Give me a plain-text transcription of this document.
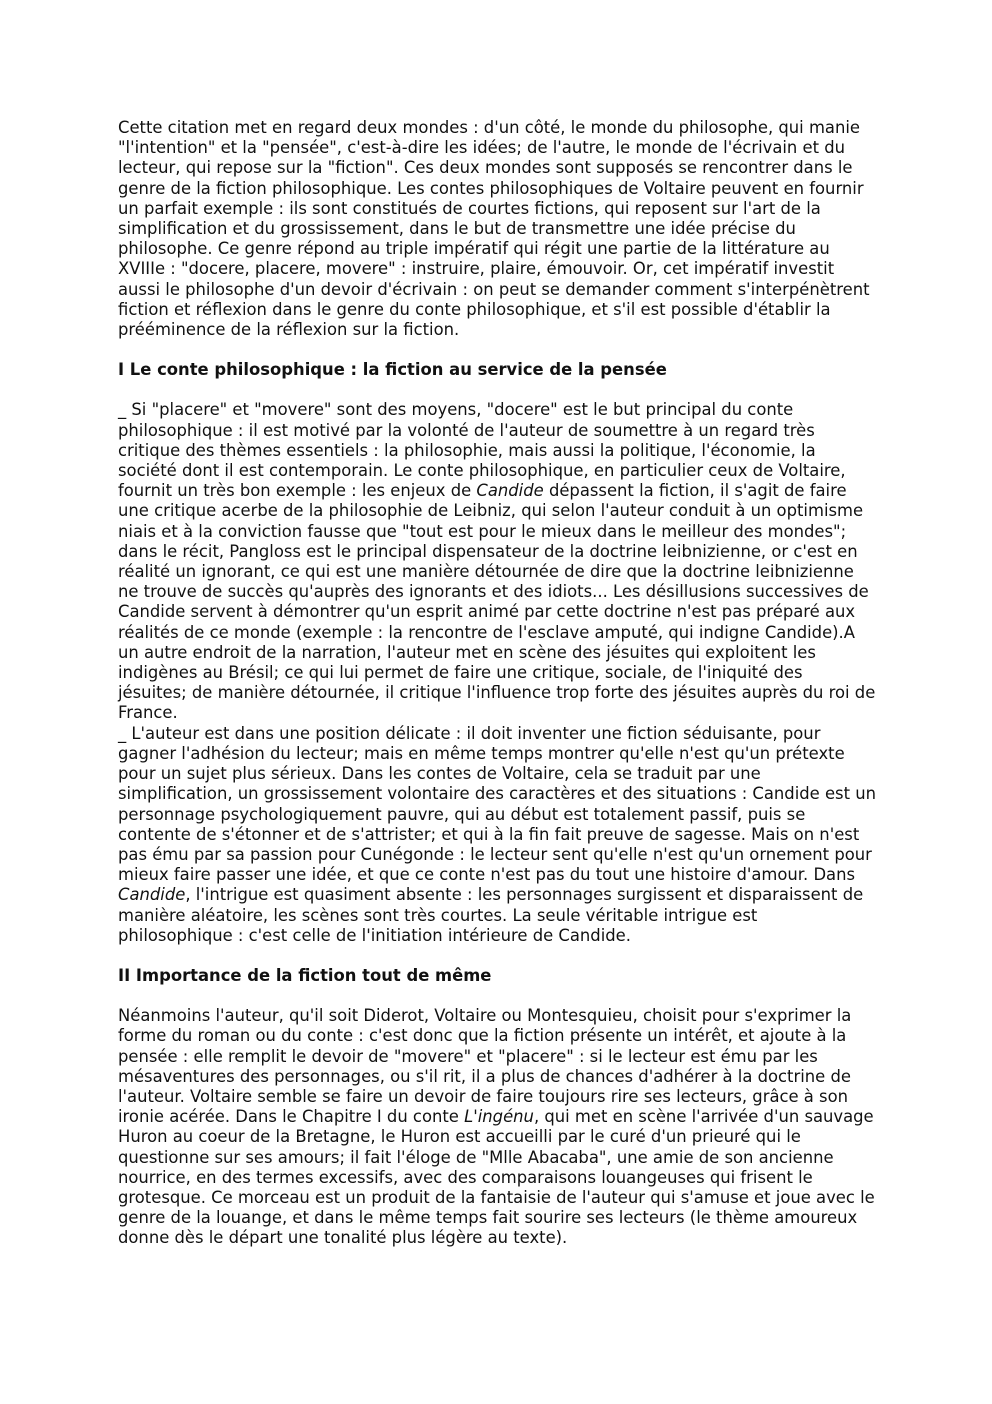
Cette citation met en regard deux mondes : d'un côté, le monde du philosophe, qui manie "l'intention" et la "pensée", c'est-à-dire les idées; de l'autre, le monde de l'écrivain et du lecteur, qui repose sur la "fiction". Ces deux mondes sont supposés se rencontrer dans le genre de la fiction philosophique. Les contes philosophiques de Voltaire peuvent en fournir un parfait exemple : ils sont constitués de courtes fictions, qui reposent sur l'art de la simplification et du grossissement, dans le but de transmettre une idée précise du philosophe. Ce genre répond au triple impératif qui régit une partie de la littérature au XVIIIe : "docere, placere, movere" : instruire, plaire, émouvoir. Or, cet impératif investit aussi le philosophe d'un devoir d'écrivain : on peut se demander comment s'interpénètrent fiction et réflexion dans le genre du conte philosophique, et s'il est possible d'établir la prééminence de la réflexion sur la fiction.

I Le conte philosophique : la fiction au service de la pensée

_ Si "placere" et "movere" sont des moyens, "docere" est le but principal du conte philosophique : il est motivé par la volonté de l'auteur de soumettre à un regard très critique des thèmes essentiels : la philosophie, mais aussi la politique, l'économie, la société dont il est contemporain. Le conte philosophique, en particulier ceux de Voltaire, fournit un très bon exemple : les enjeux de Candide dépassent la fiction, il s'agit de faire une critique acerbe de la philosophie de Leibniz, qui selon l'auteur conduit à un optimisme niais et à la conviction fausse que "tout est pour le mieux dans le meilleur des mondes"; dans le récit, Pangloss est le principal dispensateur de la doctrine leibnizienne, or c'est en réalité un ignorant, ce qui est une manière détournée de dire que la doctrine leibnizienne ne trouve de succès qu'auprès des ignorants et des idiots... Les désillusions successives de Candide servent à démontrer qu'un esprit animé par cette doctrine n'est pas préparé aux réalités de ce monde (exemple : la rencontre de l'esclave amputé, qui indigne Candide).A un autre endroit de la narration, l'auteur met en scène des jésuites qui exploitent les indigènes au Brésil; ce qui lui permet de faire une critique, sociale, de l'iniquité des jésuites; de manière détournée, il critique l'influence trop forte des jésuites auprès du roi de France.

_ L'auteur est dans une position délicate : il doit inventer une fiction séduisante, pour gagner l'adhésion du lecteur; mais en même temps montrer qu'elle n'est qu'un prétexte pour un sujet plus sérieux. Dans les contes de Voltaire, cela se traduit par une simplification, un grossissement volontaire des caractères et des situations : Candide est un personnage psychologiquement pauvre, qui au début est totalement passif, puis se contente de s'étonner et de s'attrister; et qui à la fin fait preuve de sagesse. Mais on n'est pas ému par sa passion pour Cunégonde : le lecteur sent qu'elle n'est qu'un ornement pour mieux faire passer une idée, et que ce conte n'est pas du tout une histoire d'amour. Dans Candide, l'intrigue est quasiment absente : les personnages surgissent et disparaissent de manière aléatoire, les scènes sont très courtes. La seule véritable intrigue est philosophique : c'est celle de l'initiation intérieure de Candide.

II Importance de la fiction tout de même

Néanmoins l'auteur, qu'il soit Diderot, Voltaire ou Montesquieu, choisit pour s'exprimer la forme du roman ou du conte : c'est donc que la fiction présente un intérêt, et ajoute à la pensée : elle remplit le devoir de "movere" et "placere" : si le lecteur est ému par les mésaventures des personnages, ou s'il rit, il a plus de chances d'adhérer à la doctrine de l'auteur. Voltaire semble se faire un devoir de faire toujours rire ses lecteurs, grâce à son ironie acérée. Dans le Chapitre I du conte L'ingénu, qui met en scène l'arrivée d'un sauvage Huron au coeur de la Bretagne, le Huron est accueilli par le curé d'un prieuré qui le questionne sur ses amours; il fait l'éloge de "Mlle Abacaba", une amie de son ancienne nourrice, en des termes excessifs, avec des comparaisons louangeuses qui frisent le grotesque. Ce morceau est un produit de la fantaisie de l'auteur qui s'amuse et joue avec le genre de la louange, et dans le même temps fait sourire ses lecteurs (le thème amoureux donne dès le départ une tonalité plus légère au texte).
